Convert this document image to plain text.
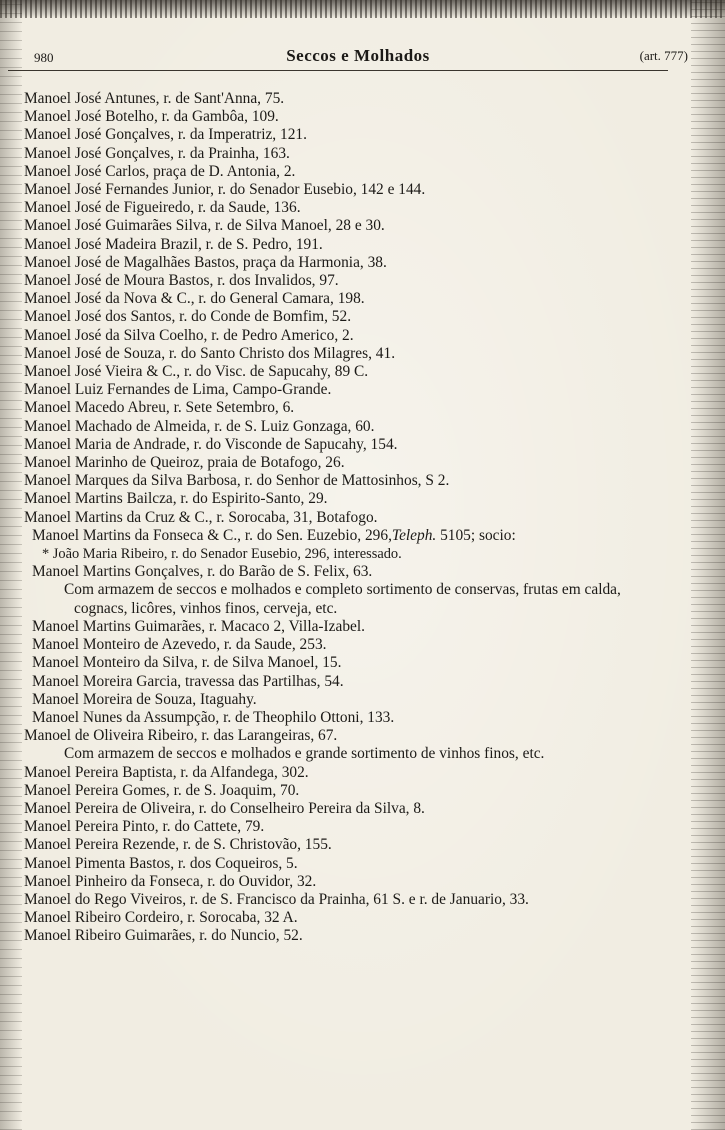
980	Seccos e Molhados	(art. 777)
Manoel José Antunes, r. de Sant'Anna, 75.
Manoel José Botelho, r. da Gambôa, 109.
Manoel José Gonçalves, r. da Imperatriz, 121.
Manoel José Gonçalves, r. da Prainha, 163.
Manoel José Carlos, praça de D. Antonia, 2.
Manoel José Fernandes Junior, r. do Senador Eusebio, 142 e 144.
Manoel José de Figueiredo, r. da Saude, 136.
Manoel José Guimarães Silva, r. de Silva Manoel, 28 e 30.
Manoel José Madeira Brazil, r. de S. Pedro, 191.
Manoel José de Magalhães Bastos, praça da Harmonia, 38.
Manoel José de Moura Bastos, r. dos Invalidos, 97.
Manoel José da Nova & C., r. do General Camara, 198.
Manoel José dos Santos, r. do Conde de Bomfim, 52.
Manoel José da Silva Coelho, r. de Pedro Americo, 2.
Manoel José de Souza, r. do Santo Christo dos Milagres, 41.
Manoel José Vieira & C., r. do Visc. de Sapucahy, 89 C.
Manoel Luiz Fernandes de Lima, Campo-Grande.
Manoel Macedo Abreu, r. Sete Setembro, 6.
Manoel Machado de Almeida, r. de S. Luiz Gonzaga, 60.
Manoel Maria de Andrade, r. do Visconde de Sapucahy, 154.
Manoel Marinho de Queiroz, praia de Botafogo, 26.
Manoel Marques da Silva Barbosa, r. do Senhor de Mattosinhos, S 2.
Manoel Martins Bailcza, r. do Espirito-Santo, 29.
Manoel Martins da Cruz & C., r. Sorocaba, 31, Botafogo.
Manoel Martins da Fonseca & C., r. do Sen. Euzebio, 296,Teleph. 5105; socio:
* João Maria Ribeiro, r. do Senador Eusebio, 296, interessado.
Manoel Martins Gonçalves, r. do Barão de S. Felix, 63.
Com armazem de seccos e molhados e completo sortimento de conservas, frutas em calda, cognacs, licôres, vinhos finos, cerveja, etc.
Manoel Martins Guimarães, r. Macaco 2, Villa-Izabel.
Manoel Monteiro de Azevedo, r. da Saude, 253.
Manoel Monteiro da Silva, r. de Silva Manoel, 15.
Manoel Moreira Garcia, travessa das Partilhas, 54.
Manoel Moreira de Souza, Itaguahy.
Manoel Nunes da Assumpção, r. de Theophilo Ottoni, 133.
Manoel de Oliveira Ribeiro, r. das Larangeiras, 67.
Com armazem de seccos e molhados e grande sortimento de vinhos finos, etc.
Manoel Pereira Baptista, r. da Alfandega, 302.
Manoel Pereira Gomes, r. de S. Joaquim, 70.
Manoel Pereira de Oliveira, r. do Conselheiro Pereira da Silva, 8.
Manoel Pereira Pinto, r. do Cattete, 79.
Manoel Pereira Rezende, r. de S. Christovão, 155.
Manoel Pimenta Bastos, r. dos Coqueiros, 5.
Manoel Pinheiro da Fonseca, r. do Ouvidor, 32.
Manoel do Rego Viveiros, r. de S. Francisco da Prainha, 61 S. e r. de Januario, 33.
Manoel Ribeiro Cordeiro, r. Sorocaba, 32 A.
Manoel Ribeiro Guimarães, r. do Nuncio, 52.
